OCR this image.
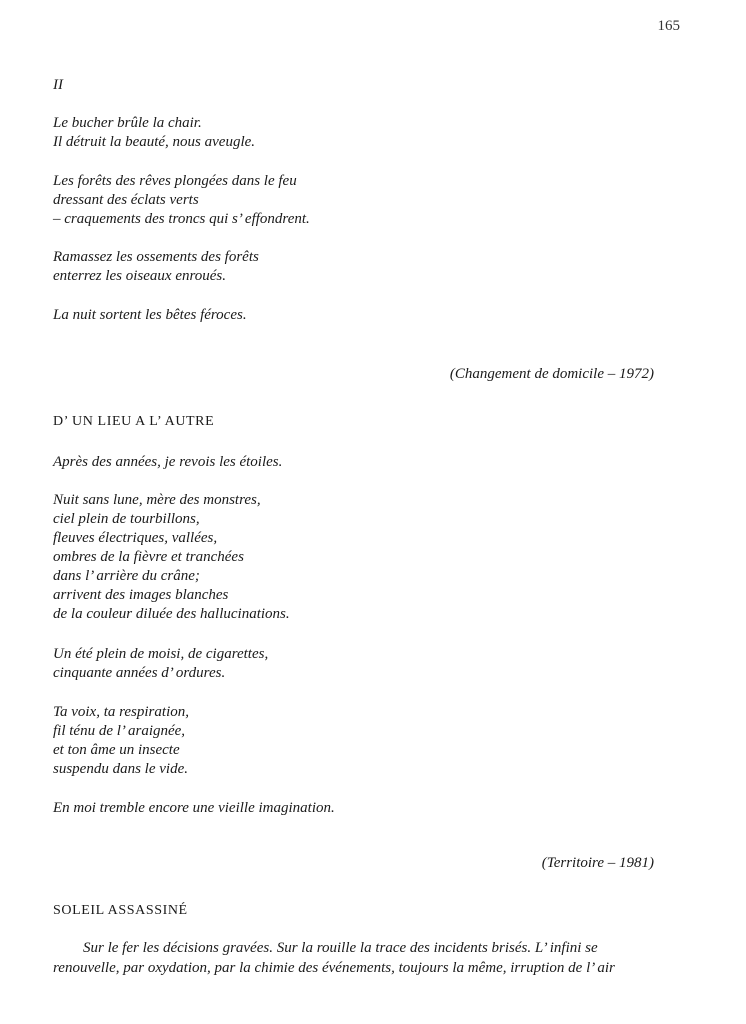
165
II
Le bucher brûle la chair.
Il détruit la beauté, nous aveugle.
Les forêts des rêves plongées dans le feu
dressant des éclats verts
– craquements des troncs qui s’ effondrent.
Ramassez les ossements des forêts
enterrez les oiseaux enroués.
La nuit sortent les bêtes féroces.
(Changement de domicile – 1972)
D’ UN LIEU A L’ AUTRE
Après des années, je revois les étoiles.
Nuit sans lune, mère des monstres,
ciel plein de tourbillons,
fleuves électriques, vallées,
ombres de la fièvre et tranchées
dans l’ arrière du crâne;
arrivent des images blanches
de la couleur diluée des hallucinations.
Un été plein de moisi, de cigarettes,
cinquante années d’ ordures.
Ta voix, ta respiration,
fil ténu de l’ araignée,
et ton âme un insecte
suspendu dans le vide.
En moi tremble encore une vieille imagination.
(Territoire – 1981)
SOLEIL ASSASSINÉ
Sur le fer les décisions gravées. Sur la rouille la trace des incidents brisés. L’ infini se
renouvelle, par oxydation, par la chimie des événements, toujours la même, irruption de l’ air
